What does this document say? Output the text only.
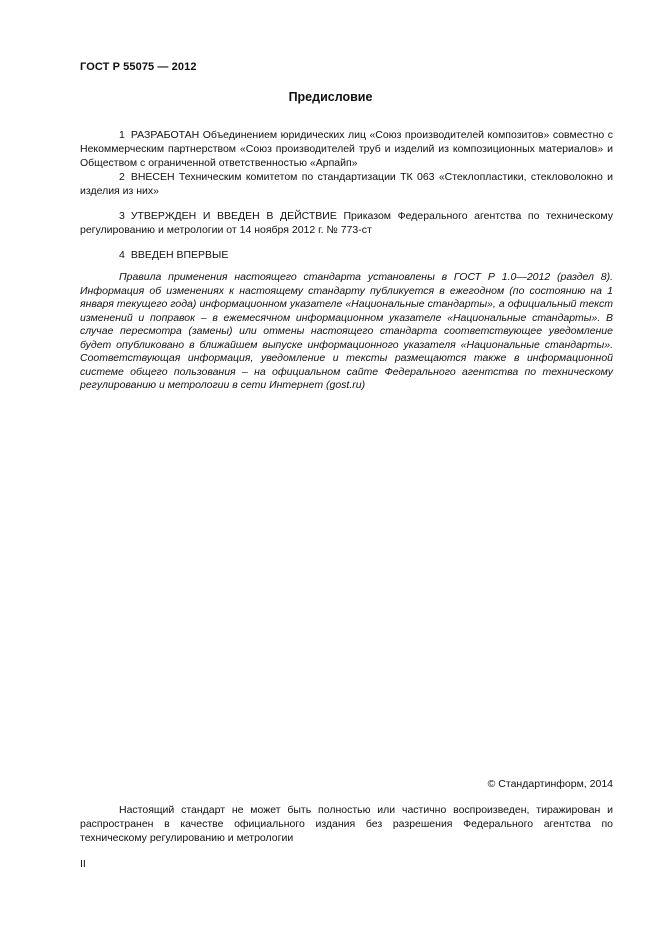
ГОСТ Р 55075 — 2012
Предисловие
1 РАЗРАБОТАН Объединением юридических лиц «Союз производителей композитов» совместно с Некоммерческим партнерством «Союз производителей труб и изделий из композиционных материалов» и Обществом с ограниченной ответственностью «Арпайп»
2 ВНЕСЕН Техническим комитетом по стандартизации ТК 063 «Стеклопластики, стекловолокно и изделия из них»
3 УТВЕРЖДЕН И ВВЕДЕН В ДЕЙСТВИЕ Приказом Федерального агентства по техническому регулированию и метрологии от 14 ноября 2012 г. № 773-ст
4 ВВЕДЕН ВПЕРВЫЕ
Правила применения настоящего стандарта установлены в ГОСТ Р 1.0—2012 (раздел 8). Информация об изменениях к настоящему стандарту публикуется в ежегодном (по состоянию на 1 января текущего года) информационном указателе «Национальные стандарты», а официальный текст изменений и поправок – в ежемесячном информационном указателе «Национальные стандарты». В случае пересмотра (замены) или отмены настоящего стандарта соответствующее уведомление будет опубликовано в ближайшем выпуске информационного указателя «Национальные стандарты». Соответствующая информация, уведомление и тексты размещаются также в информационной системе общего пользования – на официальном сайте Федерального агентства по техническому регулированию и метрологии в сети Интернет (gost.ru)
© Стандартинформ, 2014
Настоящий стандарт не может быть полностью или частично воспроизведен, тиражирован и распространен в качестве официального издания без разрешения Федерального агентства по техническому регулированию и метрологии
II
